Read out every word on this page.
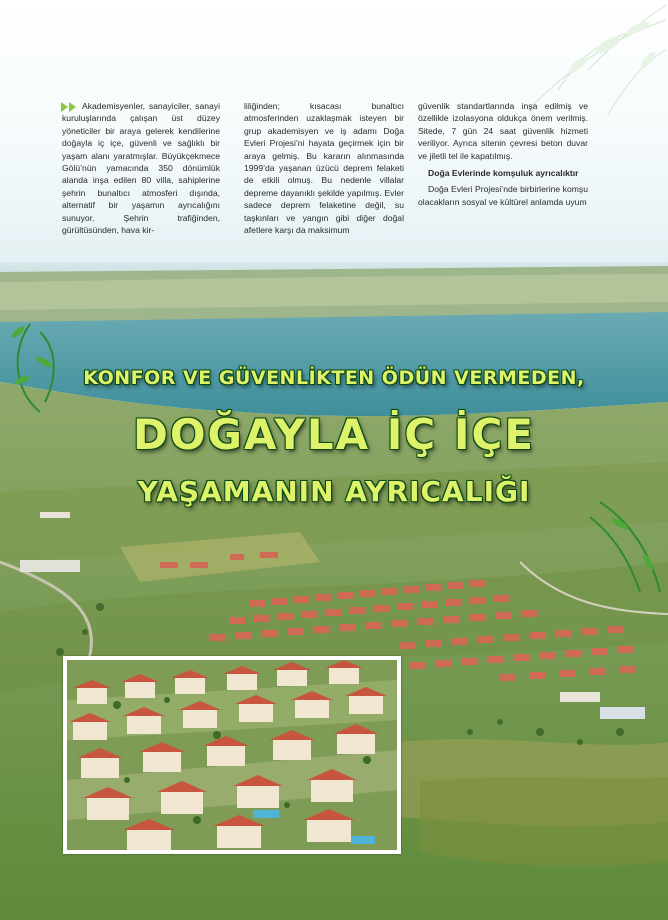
Akademisyenler, sanayiciler, sanayi kuruluşlarında çalışan üst düzey yöneticiler bir araya gelerek kendilerine doğayla iç içe, güvenli ve sağlıklı bir yaşam alanı yaratmışlar. Büyükçekmece Gölü’nün yamacında 350 dönümlük alanda inşa edilen 80 villa, sahiplerine şehrin bunaltıcı atmosferi dışında, alternatif bir yaşamın ayrıcalığını sunuyor. Şehrin trafiğinden, gürültüsünden, hava kir-

liliğinden; kısacası bunaltıcı atmosferinden uzaklaşmak isteyen bir grup akademisyen ve iş adamı Doğa Evleri Projesi’ni hayata geçirmek için bir araya gelmiş. Bu kararın alınmasında 1999’da yaşanan üzücü deprem felaketi de etkili olmuş. Bu nedenle villalar depreme dayanıklı şekilde yapılmış. Evler sadece deprem felaketine değil, su taşkınları ve yangın gibi diğer doğal afetlere karşı da maksimum

güvenlik standartlarında inşa edilmiş ve özellikle izolasyona oldukça önem verilmiş. Sitede, 7 gün 24 saat güvenlik hizmeti veriliyor. Ayrıca sitenin çevresi beton duvar ve jiletli tel ile kapatılmış.

Doğa Evlerinde komşuluk ayrıcalıktır

Doğa Evleri Projesi’nde birbirlerine komşu olacakların sosyal ve kültürel anlamda uyum

KONFOR VE GÜVENLİKTEN ÖDÜN VERMEDEN,
DOĞAYLA İÇ İÇE
YAŞAMANIN AYRICALIĞI
